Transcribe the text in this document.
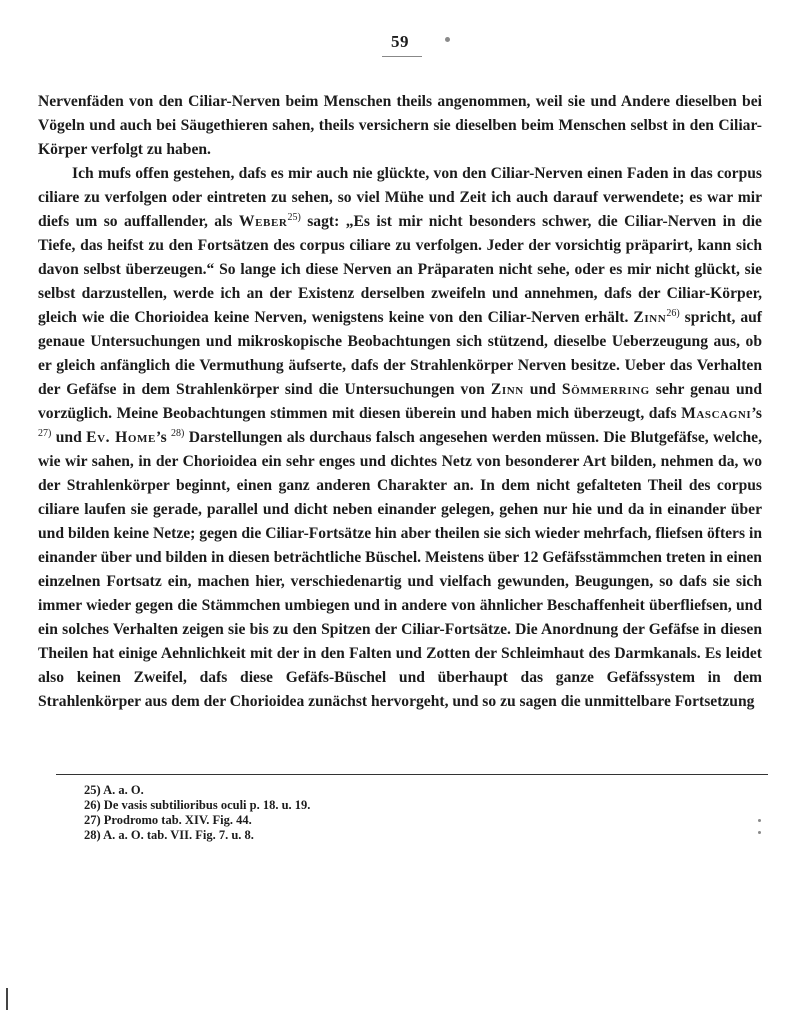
59

Nervenfäden von den Ciliar-Nerven beim Menschen theils angenommen, weil sie und Andere dieselben bei Vögeln und auch bei Säugethieren sahen, theils versichern sie dieselben beim Menschen selbst in den Ciliar-Körper verfolgt zu haben.

Ich mufs offen gestehen, dafs es mir auch nie glückte, von den Ciliar-Nerven einen Faden in das corpus ciliare zu verfolgen oder eintreten zu sehen, so viel Mühe und Zeit ich auch darauf verwendete; es war mir diefs um so auffallender, als Weber$^{25)}$ sagt: „Es ist mir nicht besonders schwer, die Ciliar-Nerven in die Tiefe, das heifst zu den Fortsätzen des corpus ciliare zu verfolgen. Jeder der vorsichtig präparirt, kann sich davon selbst überzeugen.“ So lange ich diese Nerven an Präparaten nicht sehe, oder es mir nicht glückt, sie selbst darzustellen, werde ich an der Existenz derselben zweifeln und annehmen, dafs der Ciliar-Körper, gleich wie die Chorioidea keine Nerven, wenigstens keine von den Ciliar-Nerven erhält. Zinn$^{26)}$ spricht, auf genaue Untersuchungen und mikroskopische Beobachtungen sich stützend, dieselbe Ueberzeugung aus, ob er gleich anfänglich die Vermuthung äufserte, dafs der Strahlenkörper Nerven besitze. Ueber das Verhalten der Gefäfse in dem Strahlenkörper sind die Untersuchungen von Zinn und Sömmerring sehr genau und vorzüglich. Meine Beobachtungen stimmen mit diesen überein und haben mich überzeugt, dafs Mascagni’s $^{27)}$ und Ev. Home’s $^{28)}$ Darstellungen als durchaus falsch angesehen werden müssen. Die Blutgefäfse, welche, wie wir sahen, in der Chorioidea ein sehr enges und dichtes Netz von besonderer Art bilden, nehmen da, wo der Strahlenkörper beginnt, einen ganz anderen Charakter an. In dem nicht gefalteten Theil des corpus ciliare laufen sie gerade, parallel und dicht neben einander gelegen, gehen nur hie und da in einander über und bilden keine Netze; gegen die Ciliar-Fortsätze hin aber theilen sie sich wieder mehrfach, fliefsen öfters in einander über und bilden in diesen beträchtliche Büschel. Meistens über 12 Gefäfsstämmchen treten in einen einzelnen Fortsatz ein, machen hier, verschiedenartig und vielfach gewunden, Beugungen, so dafs sie sich immer wieder gegen die Stämmchen umbiegen und in andere von ähnlicher Beschaffenheit überfliefsen, und ein solches Verhalten zeigen sie bis zu den Spitzen der Ciliar-Fortsätze. Die Anordnung der Gefäfse in diesen Theilen hat einige Aehnlichkeit mit der in den Falten und Zotten der Schleimhaut des Darmkanals. Es leidet also keinen Zweifel, dafs diese Gefäfs-Büschel und überhaupt das ganze Gefäfssystem in dem Strahlenkörper aus dem der Chorioidea zunächst hervorgeht, und so zu sagen die unmittelbare Fortsetzung

25) A. a. O.

26) De vasis subtilioribus oculi p. 18. u. 19.

27) Prodromo tab. XIV. Fig. 44.

28) A. a. O. tab. VII. Fig. 7. u. 8.
